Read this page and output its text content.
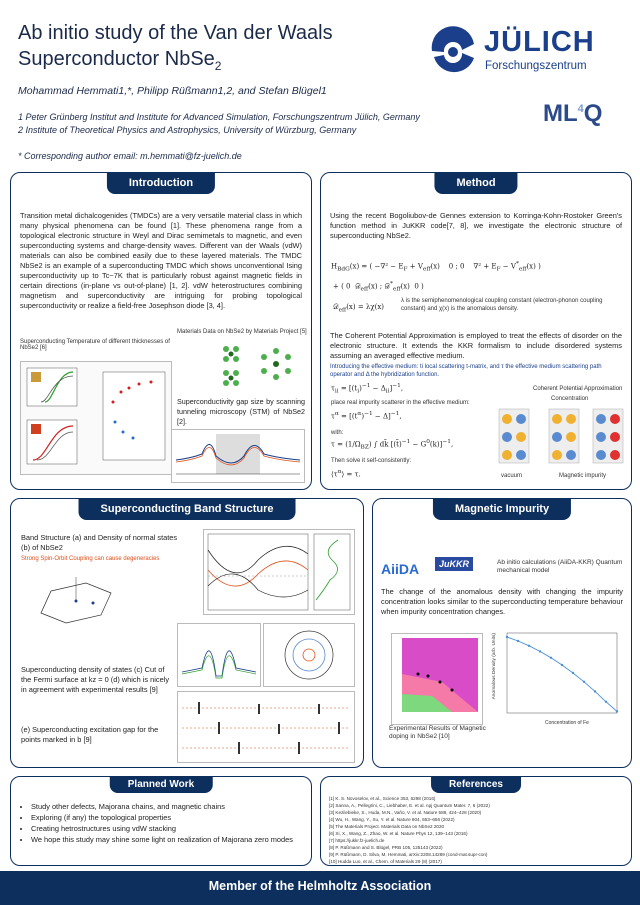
Ab initio study of the Van der Waals
Superconductor NbSe$_2$
Mohammad Hemmati1,*, Philipp Rüßmann1,2, and Stefan Blügel1
1 Peter Grünberg Institut and Institute for Advanced Simulation, Forschungszentrum Jülich, Germany
2 Institute of Theoretical Physics and Astrophysics, University of Würzburg, Germany
* Corresponding author email: m.hemmati@fz-juelich.de
JÜLICH
Forschungszentrum
$ML^4Q$
Introduction
Transition metal dichalcogenides (TMDCs) are a very versatile material class in which many physical phenomena can be found [1]. These phenomena range from a topological electronic structure in Weyl and Dirac semimetals to magnetic, and even superconducting systems and charge-density waves. Different van der Waals (vdW) materials can also be combined easily due to these layered materials. The TMDC NbSe2 is an example of a superconducting TMDC which shows unconventional Ising superconductivity up to Tc~7K that is particularly robust against magnetic fields in certain directions (in-plane vs out-of-plane) [1, 2]. vdW heterostructures combining magnetism and superconductivity are intriguing for probing topological superconductivity or realize a field-free Josephson diode [3, 4].
Superconducting Temperature of different thicknesses of NbSe2 [6]
Materials Data on NbSe2 by Materials Project [5]
Superconductivity gap size by scanning tunneling microscopy (STM) of NbSe2 [2].
Method
Using the recent Bogoliubov-de Gennes extension to Korringa-Kohn-Rostoker Green's function method in JuKKR code[7, 8], we investigate the electronic structure of superconducting NbSe2.
$H_{BdG}(x)$ = ( $-\nabla^2 - E_F + V_{eff}(x)$    0 ; 0    $\nabla^2 + E_F - V^*_{eff}(x)$ )
+ ( 0  𝒟$_{eff}$(x) ; 𝒟*$_{eff}$(x)  0 )
𝒟$_{eff}$(x) = λχ(x)
λ is the semiphenomenological coupling constant (electron-phonon coupling constant) and χ(x) is the anomalous density.
The Coherent Potential Approximation is employed to treat the effects of disorder on the electronic structure. It extends the KKR formalism to include disordered systems assuming an averaged effective medium.
Introducing the effective medium: ti local scattering t-matrix, and τ the effective medium scattering path operator and Δ the hybridization function.
$\tau_{ii} = [(t_i)^{-1} - \Delta_{ii}]^{-1}$,
place real impurity scatterer in the effective medium:
$\tau^\alpha = [(t^\alpha)^{-1} - \Delta]^{-1}$,
with:
$\tau = (1/\Omega_{BZ})$ ∫ dk̃ [(t̃)$^{-1}$ − $G^0(k)]^{-1}$,
Then solve it self-consistently:
$⟨\tau^\alpha⟩ = \tau$.
Coherent Potential Approximation
Concentration
vacuum	Magnetic impurity
Superconducting Band Structure
Band Structure (a) and Density of normal states (b) of NbSe2
Strong Spin-Orbit Coupling can cause degeneracies
Superconducting density of states (c) Cut of the Fermi surface at kz = 0 (d) which is nicely in agreement with experimental results [9]
(e) Superconducting excitation gap for the points marked in b [9]
Magnetic Impurity
AiiDA	JuKKR	Ab initio calculations (AiiDA-KKR) Quantum mechanical model
The change of the anomalous density with changing the impurity concentration looks similar to the superconducting temperature behaviour when impurity concentration changes.
Experimental Results of Magnetic doping in NbSe2 [10]
Anomalous Density (arb. Units)
Concentration of Fe
Planned Work
• Study other defects, Majorana chains, and magnetic chains
• Exploring (if any) the topological properties
• Creating hetrostructures using vdW stacking
• We hope this study may shine some light on realization of Majorana zero modes
References
[1] K. S. Novoselov, et al., Science 353, 6298 (2016)
[2] Sanna, A., Pellegrini, C., Liebhaber, E. et al. npj Quantum Mater. 7, 6 (2022)
[3] Kezilebieke, S., Huda, M.N., Vaňo, V. et al. Nature 588, 424–428 (2020)
[4] Wu, H., Wang, Y., Xu, Y. et al. Nature 604, 653–656 (2022)
[5] The Materials Project. Materials Data on NbSe2 2020
[6] Xi, X., Wang, Z., Zhao, W. et al. Nature Phys 12, 139–143 (2016)
[7] https://jukkr.fz-juelich.de
[8] P. Rüßmann and S. Blügel, PRB 105, 125143 (2022)
[9] P. Rüßmann, D. Silva, M. Hemmati, arXiv:2208.14289 (cond-mat.supr-con)
[10] Hudda Luo, et al., Chem. of Materials 29 (8) (2017)
Member of the Helmholtz Association
